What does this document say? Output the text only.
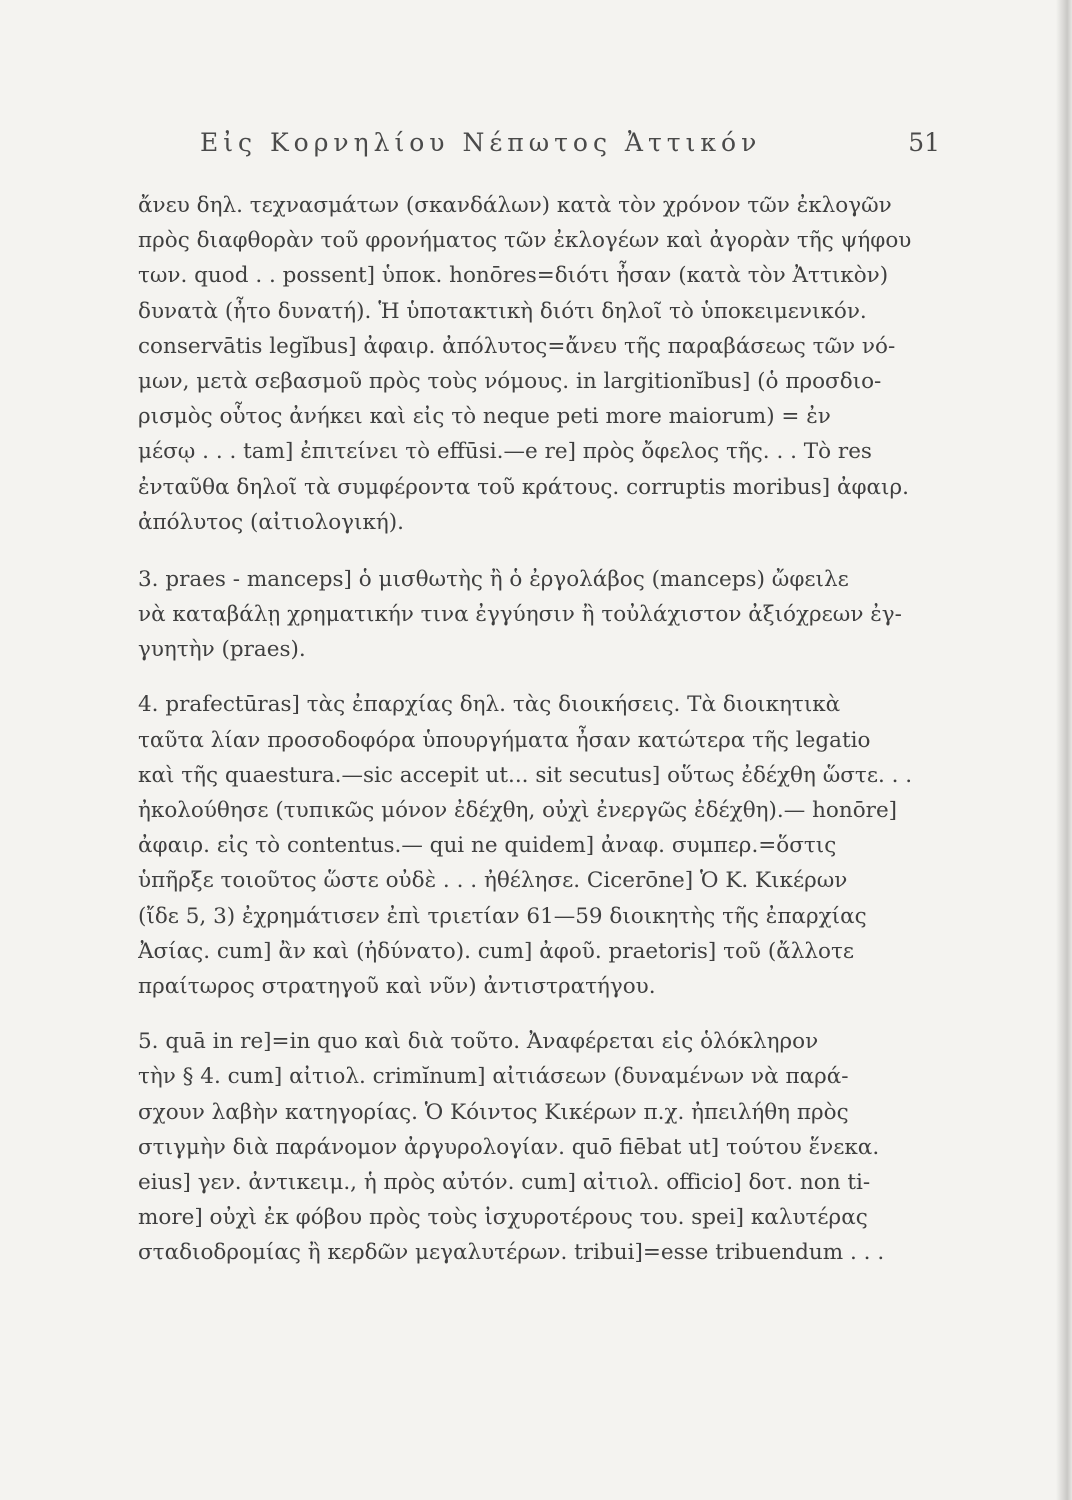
Εἰς Κορνηλίου Νέπωτος Ἀττικόν	51
ἄνευ δηλ. τεχνασμάτων (σκανδάλων) κατὰ τὸν χρόνον τῶν ἐκλογῶν
πρὸς διαφθορὰν τοῦ φρονήματος τῶν ἐκλογέων καὶ ἀγορὰν τῆς ψήφου
των. quod . . possent] ὑποκ. honōres=διότι ἦσαν (κατὰ τὸν Ἀττικὸν)
δυνατὰ (ἦτο δυνατή). Ἡ ὑποτακτικὴ διότι δηλοῖ τὸ ὑποκειμενικόν.
conservātis legĭbus] ἀφαιρ. ἀπόλυτος=ἄνευ τῆς παραβάσεως τῶν νό-
μων, μετὰ σεβασμοῦ πρὸς τοὺς νόμους. in largitionĭbus] (ὁ προσδιο-
ρισμὸς οὗτος ἀνήκει καὶ εἰς τὸ neque peti more maiorum) = ἐν
μέσῳ . . . tam] ἐπιτείνει τὸ effūsi.—e re] πρὸς ὄφελος τῆς. . . Τὸ res
ἐνταῦθα δηλοῖ τὰ συμφέροντα τοῦ κράτους. corruptis moribus] ἀφαιρ.
ἀπόλυτος (αἰτιολογική).
3. praes - manceps] ὁ μισθωτὴς ἢ ὁ ἐργολάβος (manceps) ὤφειλε
νὰ καταβάλῃ χρηματικήν τινα ἐγγύησιν ἢ τοὐλάχιστον ἀξιόχρεων ἐγ-
γυητὴν (praes).
4. prafectūras] τὰς ἐπαρχίας δηλ. τὰς διοικήσεις. Τὰ διοικητικὰ
ταῦτα λίαν προσοδοφόρα ὑπουργήματα ἦσαν κατώτερα τῆς legatio
καὶ τῆς quaestura.—sic accepit ut... sit secutus] οὕτως ἐδέχθη ὥστε. . .
ἠκολούθησε (τυπικῶς μόνον ἐδέχθη, οὐχὶ ἐνεργῶς ἐδέχθη).— honōre]
ἀφαιρ. εἰς τὸ contentus.— qui ne quidem] ἀναφ. συμπερ.=ὅστις
ὑπῆρξε τοιοῦτος ὥστε οὐδὲ . . . ἠθέλησε. Cicerōne] Ὁ Κ. Κικέρων
(ἴδε 5, 3) ἐχρημάτισεν ἐπὶ τριετίαν 61—59 διοικητὴς τῆς ἐπαρχίας
Ἀσίας. cum] ἂν καὶ (ἠδύνατο). cum] ἀφοῦ. praetoris] τοῦ (ἄλλοτε
πραίτωρος στρατηγοῦ καὶ νῦν) ἀντιστρατήγου.
5. quā in re]=in quo καὶ διὰ τοῦτο. Ἀναφέρεται εἰς ὁλόκληρον
τὴν § 4. cum] αἰτιολ. crimĭnum] αἰτιάσεων (δυναμένων νὰ παρά-
σχουν λαβὴν κατηγορίας. Ὁ Κόιντος Κικέρων π.χ. ἠπειλήθη πρὸς
στιγμὴν διὰ παράνομον ἀργυρολογίαν. quō fiēbat ut] τούτου ἕνεκα.
eius] γεν. ἀντικειμ., ἡ πρὸς αὐτόν. cum] αἰτιολ. officio] δοτ. non ti-
more] οὐχὶ ἐκ φόβου πρὸς τοὺς ἰσχυροτέρους του. spei] καλυτέρας
σταδιοδρομίας ἢ κερδῶν μεγαλυτέρων. tribui]=esse tribuendum . . .
